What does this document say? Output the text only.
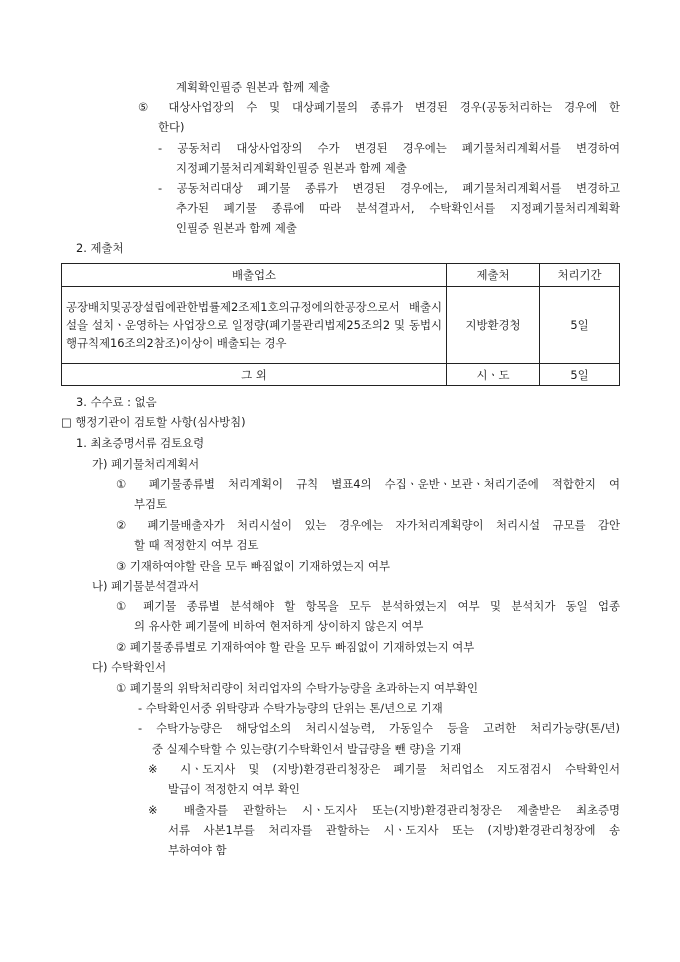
계획확인필증 원본과 함께 제출
⑤ 대상사업장의 수 및 대상폐기물의 종류가 변경된 경우(공동처리하는 경우에 한
한다)
- 공동처리 대상사업장의 수가 변경된 경우에는 폐기물처리계획서를 변경하여
지정폐기물처리계획확인필증 원본과 함께 제출
- 공동처리대상 폐기물 종류가 변경된 경우에는, 폐기물처리계획서를 변경하고
추가된 폐기물 종류에 따라 분석결과서, 수탁확인서를 지정폐기물처리계획확
인필증 원본과 함께 제출
2. 제출처
배출업소	제출처	처리기간

공장배치및공장설립에관한법률제2조제1호의규정에의한공장으로서 배출시설을 설치ㆍ운영하는 사업장으로 일정량(폐기물관리법제25조의2 및 동법시행규칙제16조의2참조)이상이 배출되는 경우	지방환경청	5일
그 외	시ㆍ도	5일
3. 수수료 : 없음
□ 행정기관이 검토할 사항(심사방침)
1. 최초증명서류 검토요령
가) 폐기물처리계획서
① 폐기물종류별 처리계획이 규칙 별표4의 수집ㆍ운반ㆍ보관ㆍ처리기준에 적합한지 여
부검토
② 폐기물배출자가 처리시설이 있는 경우에는 자가처리계획량이 처리시설 규모를 감안
할 때 적정한지 여부 검토
③ 기재하여야할 란을 모두 빠짐없이 기재하였는지 여부
나) 폐기물분석결과서
① 폐기물 종류별 분석해야 할 항목을 모두 분석하였는지 여부 및 분석치가 동일 업종
의 유사한 폐기물에 비하여 현저하게 상이하지 않은지 여부
② 폐기물종류별로 기재하여야 할 란을 모두 빠짐없이 기재하였는지 여부
다) 수탁확인서
① 폐기물의 위탁처리량이 처리업자의 수탁가능량을 초과하는지 여부확인
- 수탁확인서중 위탁량과 수탁가능량의 단위는 톤/년으로 기재
- 수탁가능량은 해당업소의 처리시설능력, 가동일수 등을 고려한 처리가능량(톤/년)
중 실제수탁할 수 있는량(기수탁확인서 발급량을 뺀 량)을 기재
※ 시ㆍ도지사 및 (지방)환경관리청장은 폐기물 처리업소 지도점검시 수탁확인서
발급이 적정한지 여부 확인
※ 배출자를 관할하는 시ㆍ도지사 또는(지방)환경관리청장은 제출받은 최초증명
서류 사본1부를 처리자를 관할하는 시ㆍ도지사 또는 (지방)환경관리청장에 송
부하여야 함
